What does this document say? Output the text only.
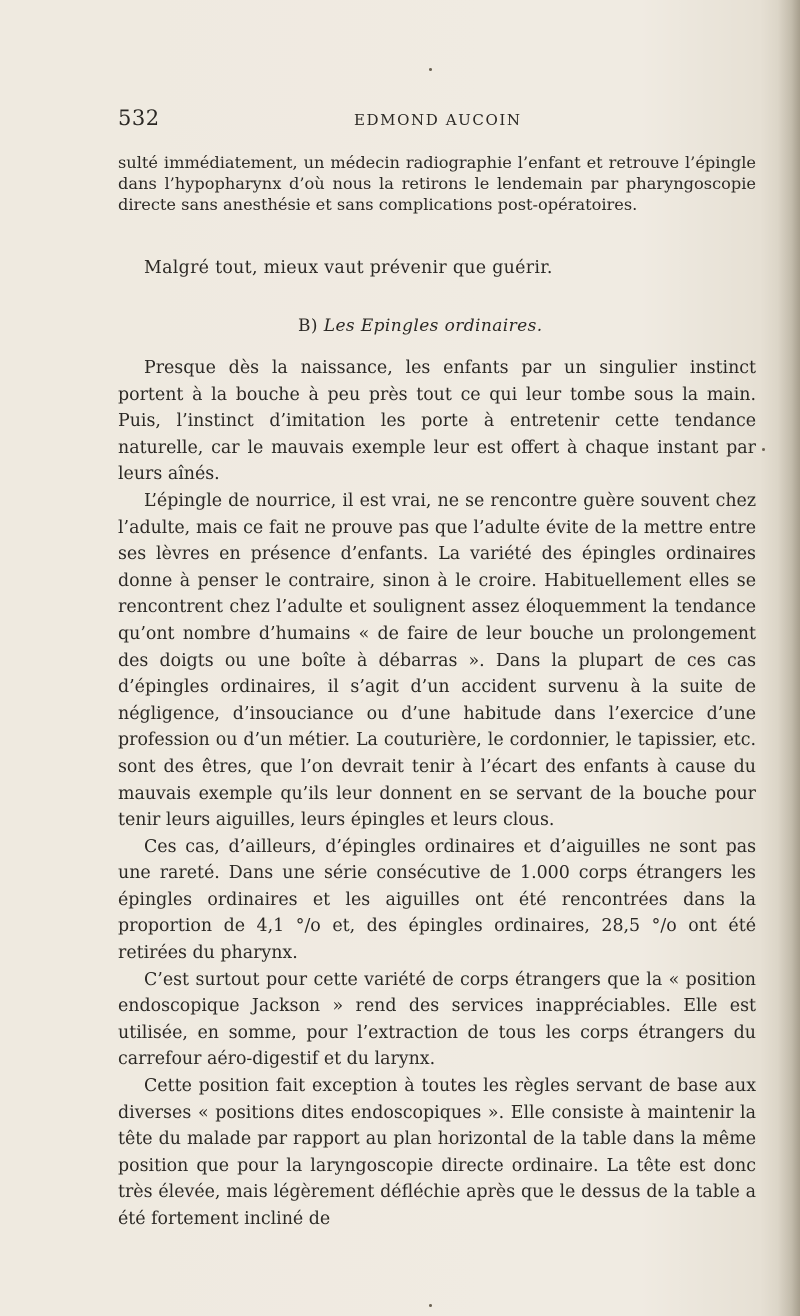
532	EDMOND AUCOIN

sulté immédiatement, un médecin radiographie l’enfant et retrouve l’épingle dans l’hypopharynx d’où nous la retirons le lendemain par pharyngoscopie directe sans anesthésie et sans complications post-opératoires.

Malgré tout, mieux vaut prévenir que guérir.
B) Les Epingles ordinaires.

Presque dès la naissance, les enfants par un singulier instinct portent à la bouche à peu près tout ce qui leur tombe sous la main. Puis, l’instinct d’imitation les porte à entretenir cette tendance naturelle, car le mauvais exemple leur est offert à chaque instant par leurs aînés.

L’épingle de nourrice, il est vrai, ne se rencontre guère souvent chez l’adulte, mais ce fait ne prouve pas que l’adulte évite de la mettre entre ses lèvres en présence d’enfants. La variété des épingles ordinaires donne à penser le contraire, sinon à le croire. Habituellement elles se rencontrent chez l’adulte et soulignent assez éloquemment la tendance qu’ont nombre d’humains « de faire de leur bouche un prolongement des doigts ou une boîte à débarras ». Dans la plupart de ces cas d’épingles ordinaires, il s’agit d’un accident survenu à la suite de négligence, d’insouciance ou d’une habitude dans l’exercice d’une profession ou d’un métier. La couturière, le cordonnier, le tapissier, etc. sont des êtres, que l’on devrait tenir à l’écart des enfants à cause du mauvais exemple qu’ils leur donnent en se servant de la bouche pour tenir leurs aiguilles, leurs épingles et leurs clous.

Ces cas, d’ailleurs, d’épingles ordinaires et d’aiguilles ne sont pas une rareté. Dans une série consécutive de 1.000 corps étrangers les épingles ordinaires et les aiguilles ont été rencontrées dans la proportion de 4,1 °/o et, des épingles ordinaires, 28,5 °/o ont été retirées du pharynx.

C’est surtout pour cette variété de corps étrangers que la « position endoscopique Jackson » rend des services inappréciables. Elle est utilisée, en somme, pour l’extraction de tous les corps étrangers du carrefour aéro-digestif et du larynx.

Cette position fait exception à toutes les règles servant de base aux diverses « positions dites endoscopiques ». Elle consiste à maintenir la tête du malade par rapport au plan horizontal de la table dans la même position que pour la laryngoscopie directe ordinaire. La tête est donc très élevée, mais légèrement défléchie après que le dessus de la table a été fortement incliné de
